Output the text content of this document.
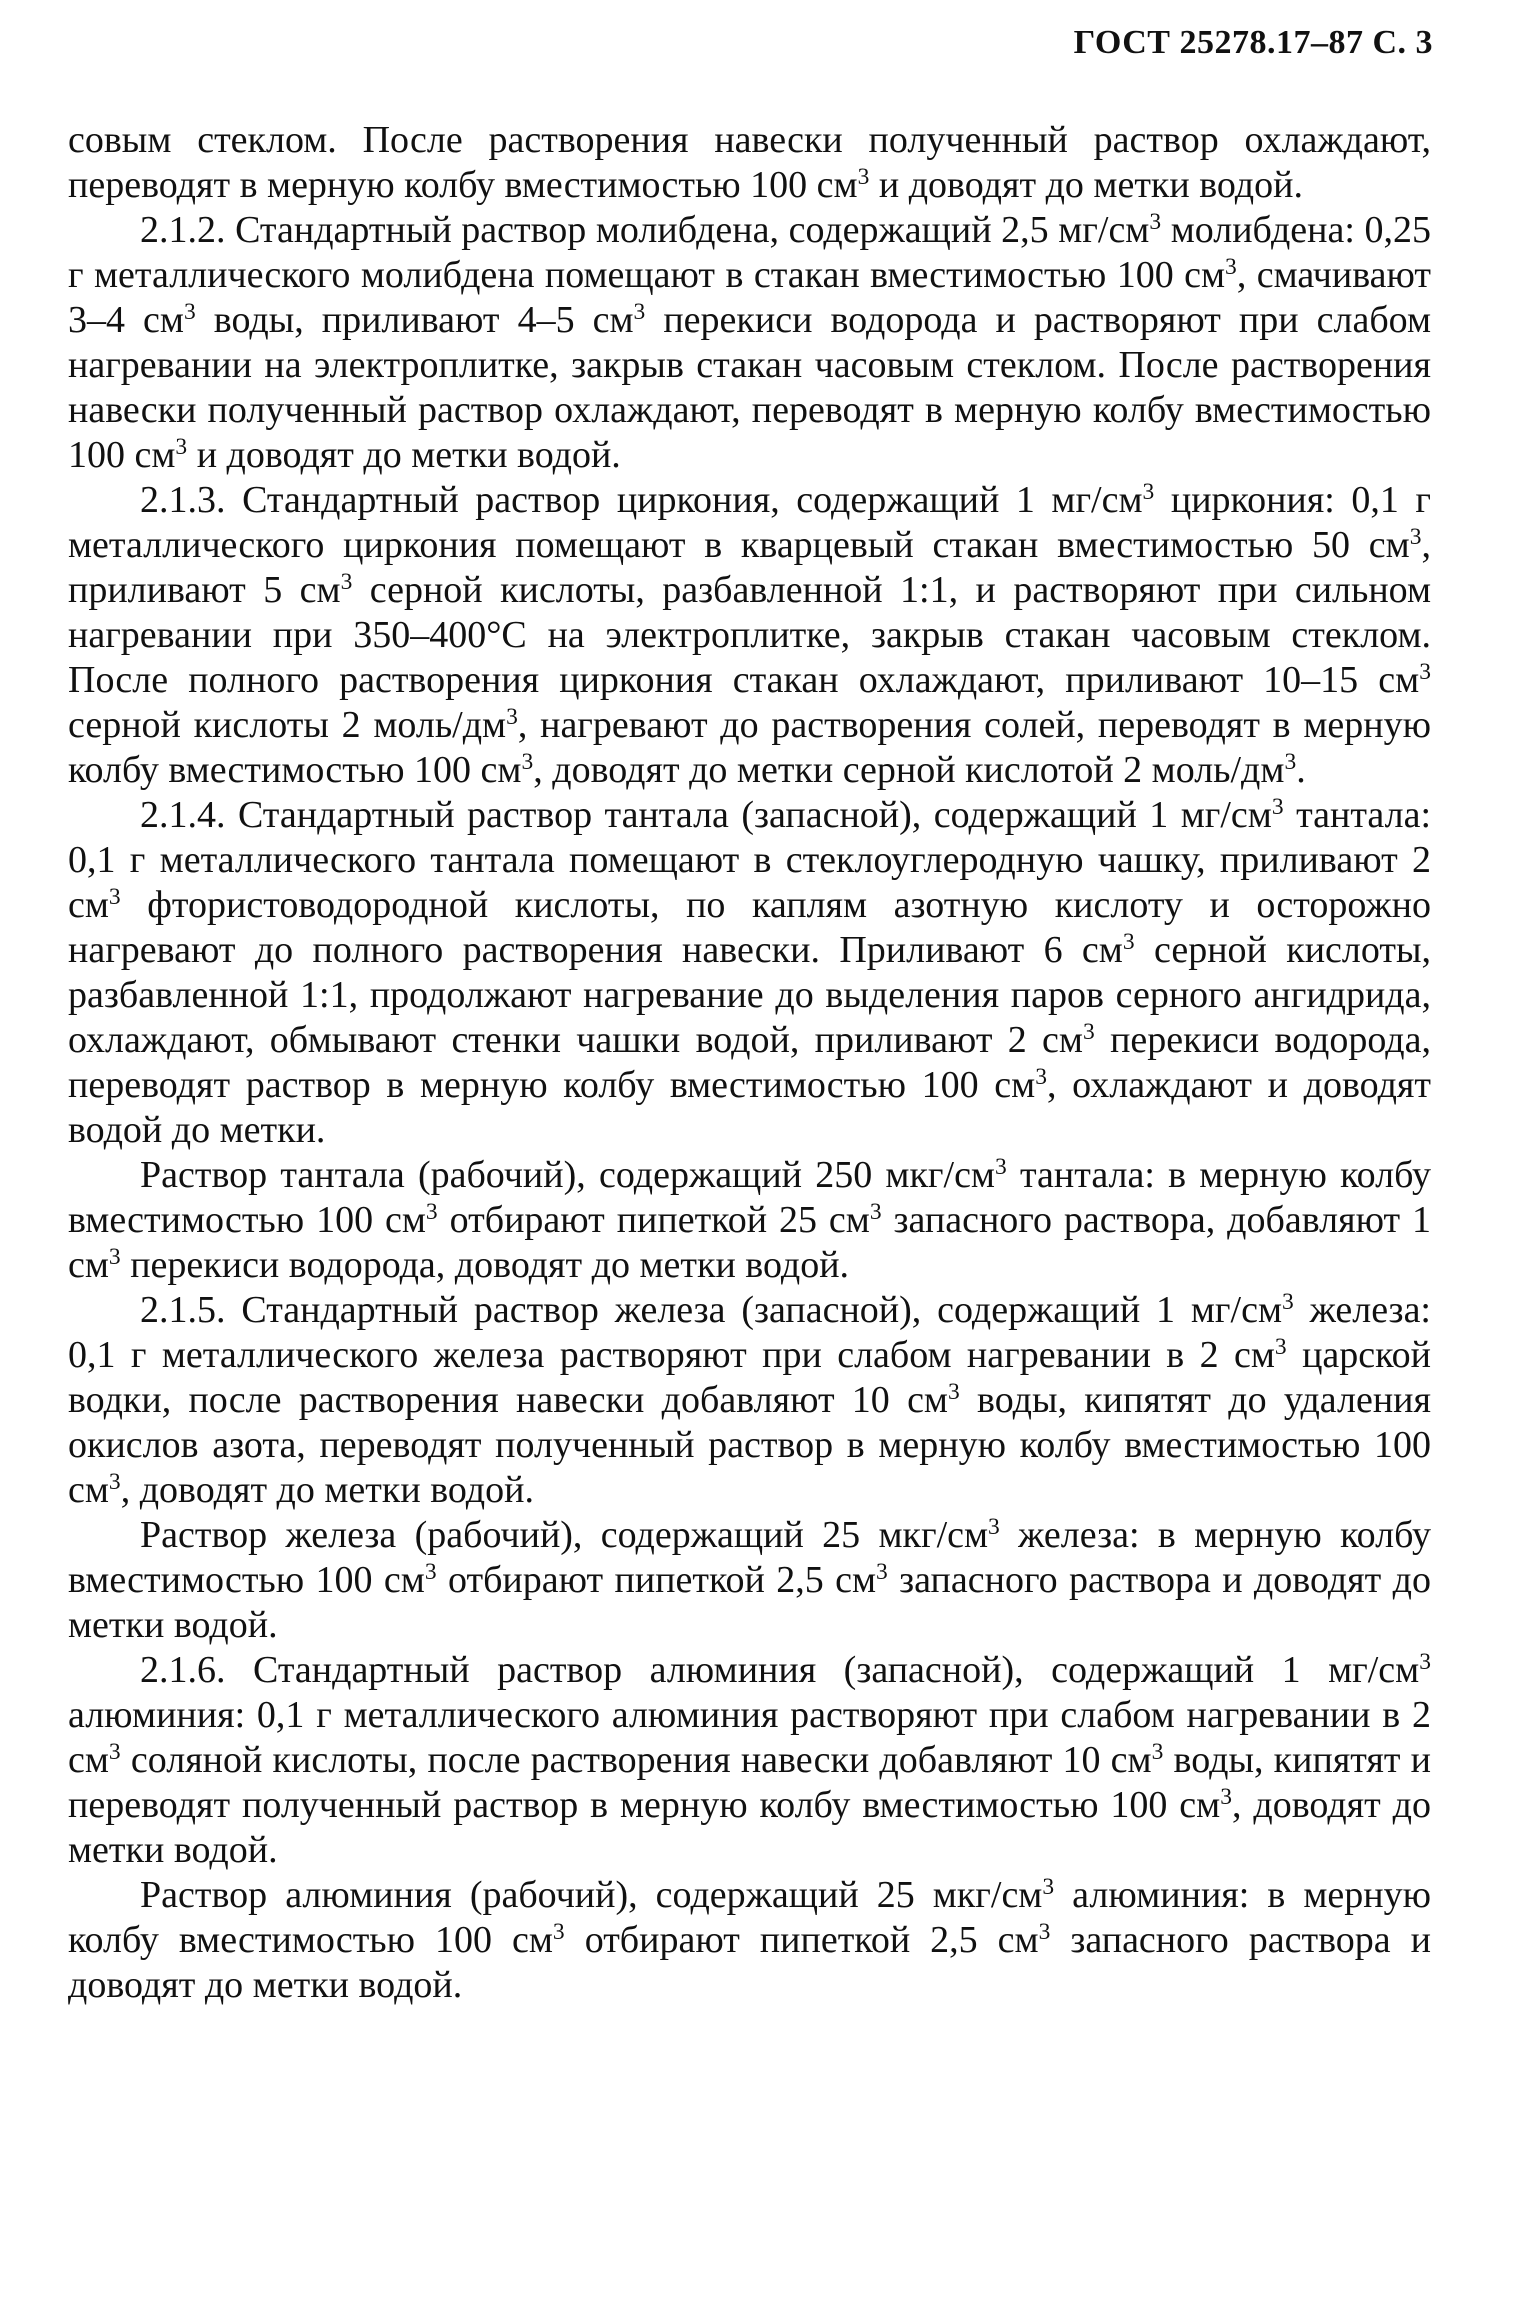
ГОСТ 25278.17–87 С. 3

совым стеклом. После растворения навески полученный раствор охлаждают, переводят в мерную колбу вместимостью 100 $см^3$ и доводят до метки водой.

2.1.2. Стандартный раствор молибдена, содержащий 2,5 $мг/см^3$ молибдена: 0,25 г металлического молибдена помещают в стакан вместимостью 100 $см^3$, смачивают 3–4 $см^3$ воды, приливают 4–5 $см^3$ перекиси водорода и растворяют при слабом нагревании на электроплитке, закрыв стакан часовым стеклом. После растворения навески полученный раствор охлаждают, переводят в мерную колбу вместимостью 100 $см^3$ и доводят до метки водой.

2.1.3. Стандартный раствор циркония, содержащий 1 $мг/см^3$ циркония: 0,1 г металлического циркония помещают в кварцевый стакан вместимостью 50 $см^3$, приливают 5 $см^3$ серной кислоты, разбавленной 1:1, и растворяют при сильном нагревании при 350–400°С на электроплитке, закрыв стакан часовым стеклом. После полного растворения циркония стакан охлаждают, приливают 10–15 $см^3$ серной кислоты 2 моль/$дм^3$, нагревают до растворения солей, переводят в мерную колбу вместимостью 100 $см^3$, доводят до метки серной кислотой 2 моль/$дм^3$.

2.1.4. Стандартный раствор тантала (запасной), содержащий 1 $мг/см^3$ тантала: 0,1 г металлического тантала помещают в стеклоуглеродную чашку, приливают 2 $см^3$ фтористоводородной кислоты, по каплям азотную кислоту и осторожно нагревают до полного растворения навески. Приливают 6 $см^3$ серной кислоты, разбавленной 1:1, продолжают нагревание до выделения паров серного ангидрида, охлаждают, обмывают стенки чашки водой, приливают 2 $см^3$ перекиси водорода, переводят раствор в мерную колбу вместимостью 100 $см^3$, охлаждают и доводят водой до метки.

Раствор тантала (рабочий), содержащий 250 мкг/$см^3$ тантала: в мерную колбу вместимостью 100 $см^3$ отбирают пипеткой 25 $см^3$ запасного раствора, добавляют 1 $см^3$ перекиси водорода, доводят до метки водой.

2.1.5. Стандартный раствор железа (запасной), содержащий 1 $мг/см^3$ железа: 0,1 г металлического железа растворяют при слабом нагревании в 2 $см^3$ царской водки, после растворения навески добавляют 10 $см^3$ воды, кипятят до удаления окислов азота, переводят полученный раствор в мерную колбу вместимостью 100 $см^3$, доводят до метки водой.

Раствор железа (рабочий), содержащий 25 мкг/$см^3$ железа: в мерную колбу вместимостью 100 $см^3$ отбирают пипеткой 2,5 $см^3$ запасного раствора и доводят до метки водой.

2.1.6. Стандартный раствор алюминия (запасной), содержащий 1 $мг/см^3$ алюминия: 0,1 г металлического алюминия растворяют при слабом нагревании в 2 $см^3$ соляной кислоты, после растворения навески добавляют 10 $см^3$ воды, кипятят и переводят полученный раствор в мерную колбу вместимостью 100 $см^3$, доводят до метки водой.

Раствор алюминия (рабочий), содержащий 25 мкг/$см^3$ алюминия: в мерную колбу вместимостью 100 $см^3$ отбирают пипеткой 2,5 $см^3$ запасного раствора и доводят до метки водой.
